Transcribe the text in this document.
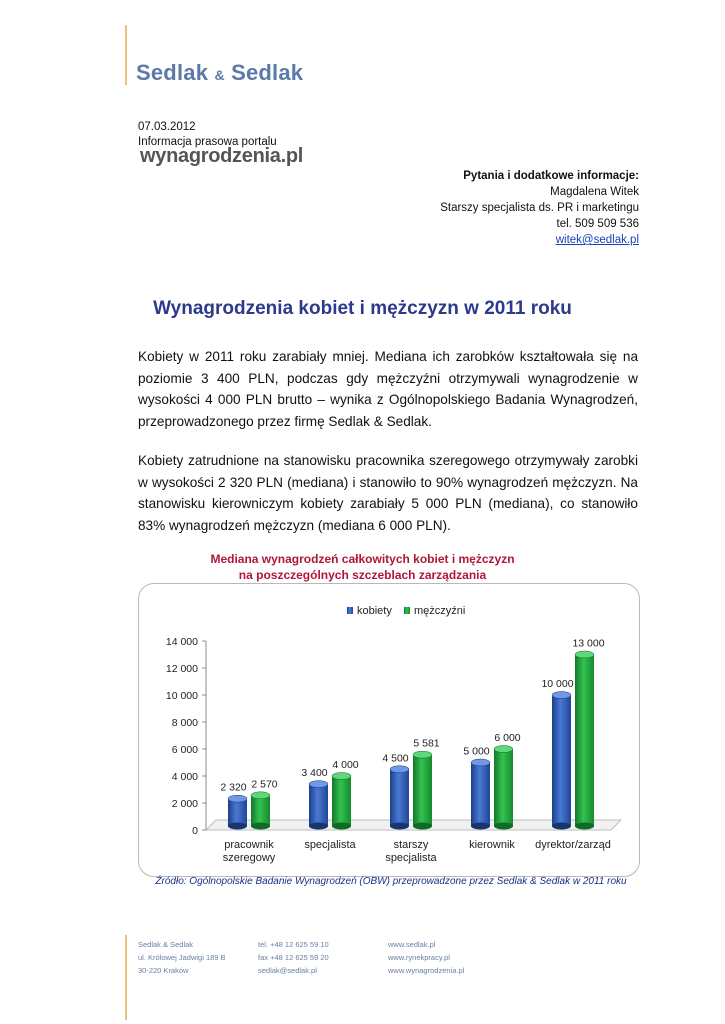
Sedlak & Sedlak
07.03.2012
Informacja prasowa portalu
wynagrodzenia.pl
Pytania i dodatkowe informacje:
Magdalena Witek
Starszy specjalista ds. PR i marketingu
tel. 509 509 536
witek@sedlak.pl
Wynagrodzenia kobiet i mężczyzn w 2011 roku
Kobiety w 2011 roku zarabiały mniej. Mediana ich zarobków kształtowała się na poziomie 3 400 PLN, podczas gdy mężczyźni otrzymywali wynagrodzenie w wysokości 4 000 PLN brutto – wynika z Ogólnopolskiego Badania Wynagrodzeń, przeprowadzonego przez firmę Sedlak & Sedlak.
Kobiety zatrudnione na stanowisku pracownika szeregowego otrzymywały zarobki w wysokości 2 320 PLN (mediana) i stanowiło to 90% wynagrodzeń mężczyzn. Na stanowisku kierowniczym kobiety zarabiały 5 000 PLN (mediana), co stanowiło 83% wynagrodzeń mężczyzn (mediana 6 000 PLN).
Mediana wynagrodzeń całkowitych kobiet i mężczyzn
na poszczególnych szczeblach zarządzania
0
2 000
4 000
6 000
8 000
10 000
12 000
14 000
kobiety mężczyźni
2 320 2 570
pracownik
szeregowy
3 400
4 000
specjalista
4 500
5 581
starszy
specjalista
5 000
6 000
kierownik
10 000
13 000
dyrektor/zarząd
Źródło: Ogólnopolskie Badanie Wynagrodzeń (OBW) przeprowadzone przez Sedlak & Sedlak w 2011 roku
Sedlak & Sedlak
ul. Królowej Jadwigi 189 B
30-220 Kraków
tel. +48 12 625 59 10
fax +48 12 625 59 20
sedlak@sedlak.pl
www.sedlak.pl
www.rynekpracy.pl
www.wynagrodzenia.pl
